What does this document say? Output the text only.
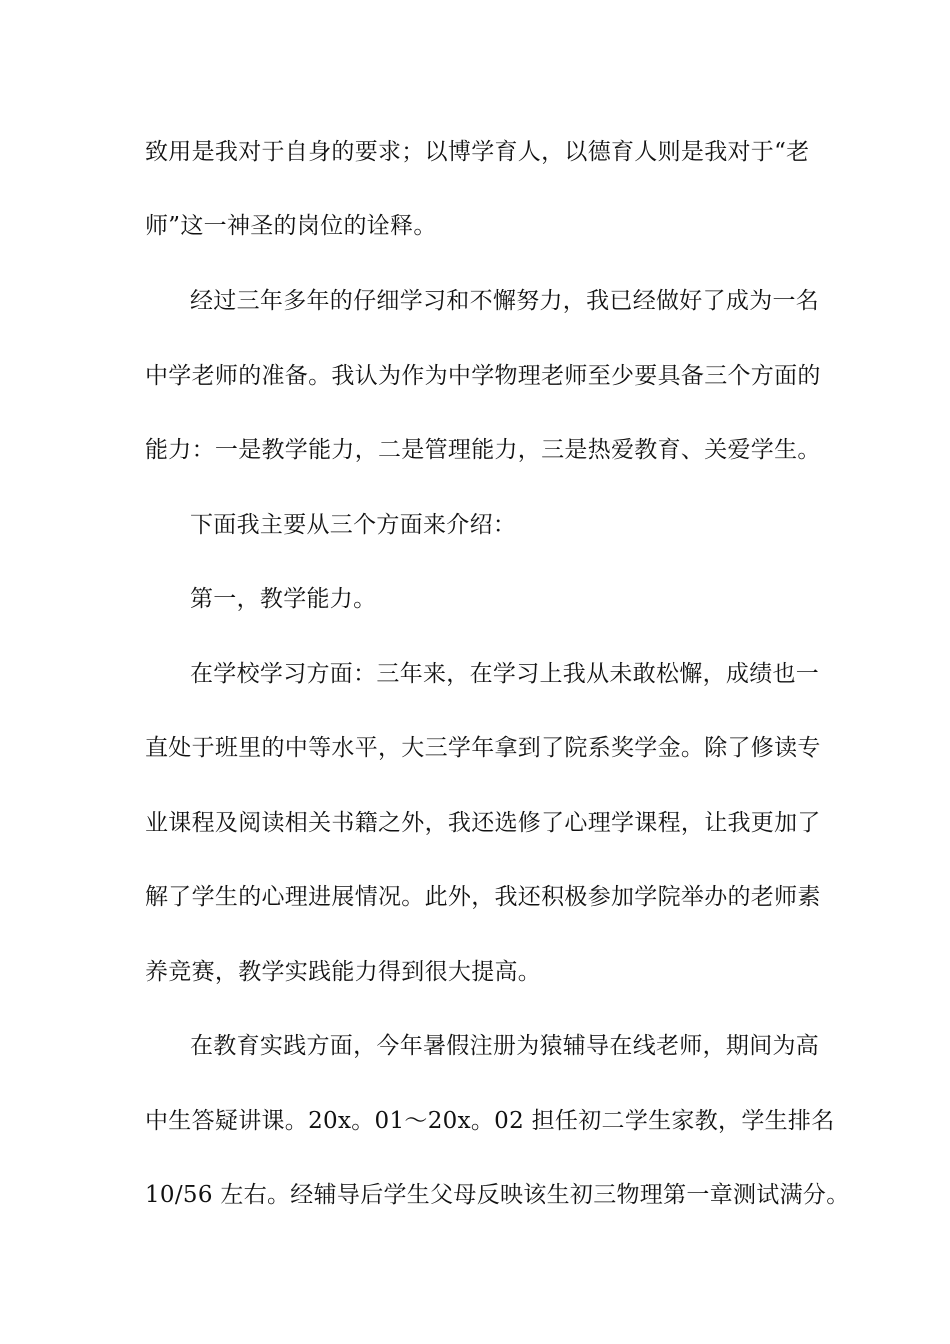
致用是我对于自身的要求；以博学育人，以德育人则是我对于“老
师”这一神圣的岗位的诠释。
经过三年多年的仔细学习和不懈努力，我已经做好了成为一名
中学老师的准备。我认为作为中学物理老师至少要具备三个方面的
能力：一是教学能力，二是管理能力，三是热爱教育、关爱学生。
下面我主要从三个方面来介绍：
第一，教学能力。
在学校学习方面：三年来，在学习上我从未敢松懈，成绩也一
直处于班里的中等水平，大三学年拿到了院系奖学金。除了修读专
业课程及阅读相关书籍之外，我还选修了心理学课程，让我更加了
解了学生的心理进展情况。此外，我还积极参加学院举办的老师素
养竞赛，教学实践能力得到很大提高。
在教育实践方面，今年暑假注册为猿辅导在线老师，期间为高
中生答疑讲课。20x。01～20x。02 担任初二学生家教，学生排名
10/56 左右。经辅导后学生父母反映该生初三物理第一章测试满分。
